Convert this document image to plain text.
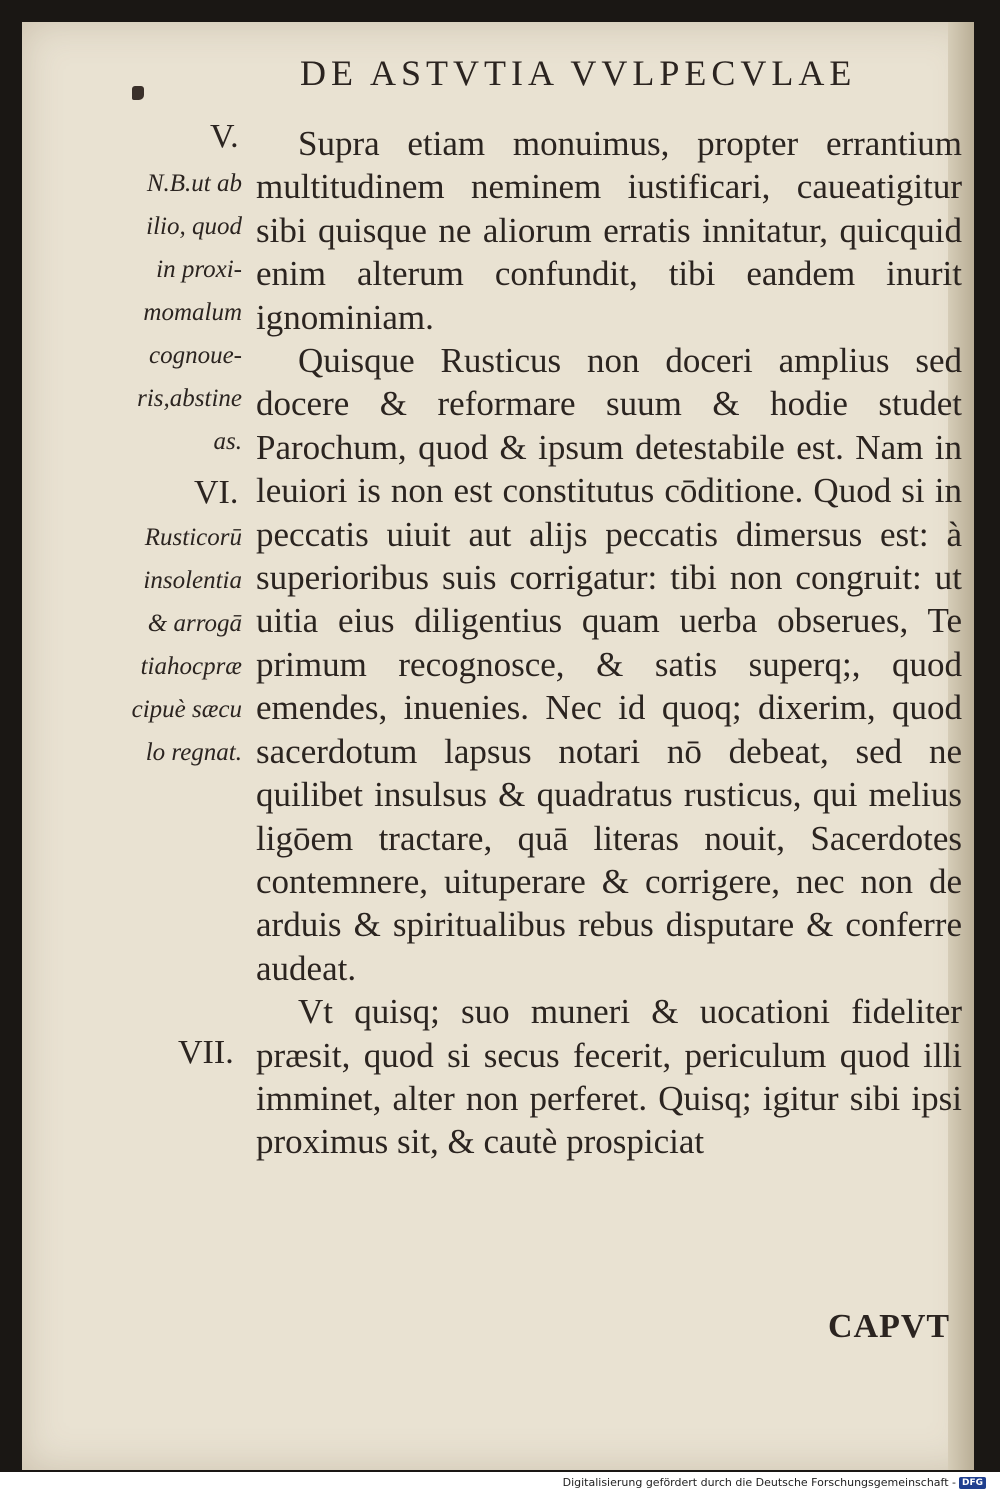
DE ASTVTIA VVLPECVLAE
V.
N.B.ut ab
ilio, quod
in proxi-
momalum
cognoue-
ris,abstine
as.
VI.
Rusticorū
insolentia
& arrogā
tiahocpræ
cipuè sæcu
lo regnat.
VII.

Supra etiam monuimus, propter errantium multitudinem neminem iustificari, caueatigitur sibi quisque ne aliorum erratis innitatur, quicquid enim alterum confundit, tibi eandem inurit ignominiam.

Quisque Rusticus non doceri amplius sed docere & reformare suum & hodie studet Parochum, quod & ipsum detestabile est. Nam in leuiori is non est constitutus cōditione. Quod si in peccatis uiuit aut alijs peccatis dimersus est: à superioribus suis corrigatur: tibi non congruit: ut uitia eius diligentius quam uerba obserues, Te primum recognosce, & satis superq;, quod emendes, inuenies. Nec id quoq; dixerim, quod sacerdotum lapsus notari nō debeat, sed ne quilibet insulsus & quadratus rusticus, qui melius ligōem tractare, quā literas nouit, Sacerdotes contemnere, uituperare & corrigere, nec non de arduis & spiritualibus rebus disputare & conferre audeat.

Vt quisq; suo muneri & uocationi fideliter præsit, quod si secus fecerit, periculum quod illi imminet, alter non perferet. Quisq; igitur sibi ipsi proximus sit, & cautè prospiciat

CAPVT
Digitalisierung gefördert durch die Deutsche Forschungsgemeinschaft - DFG
